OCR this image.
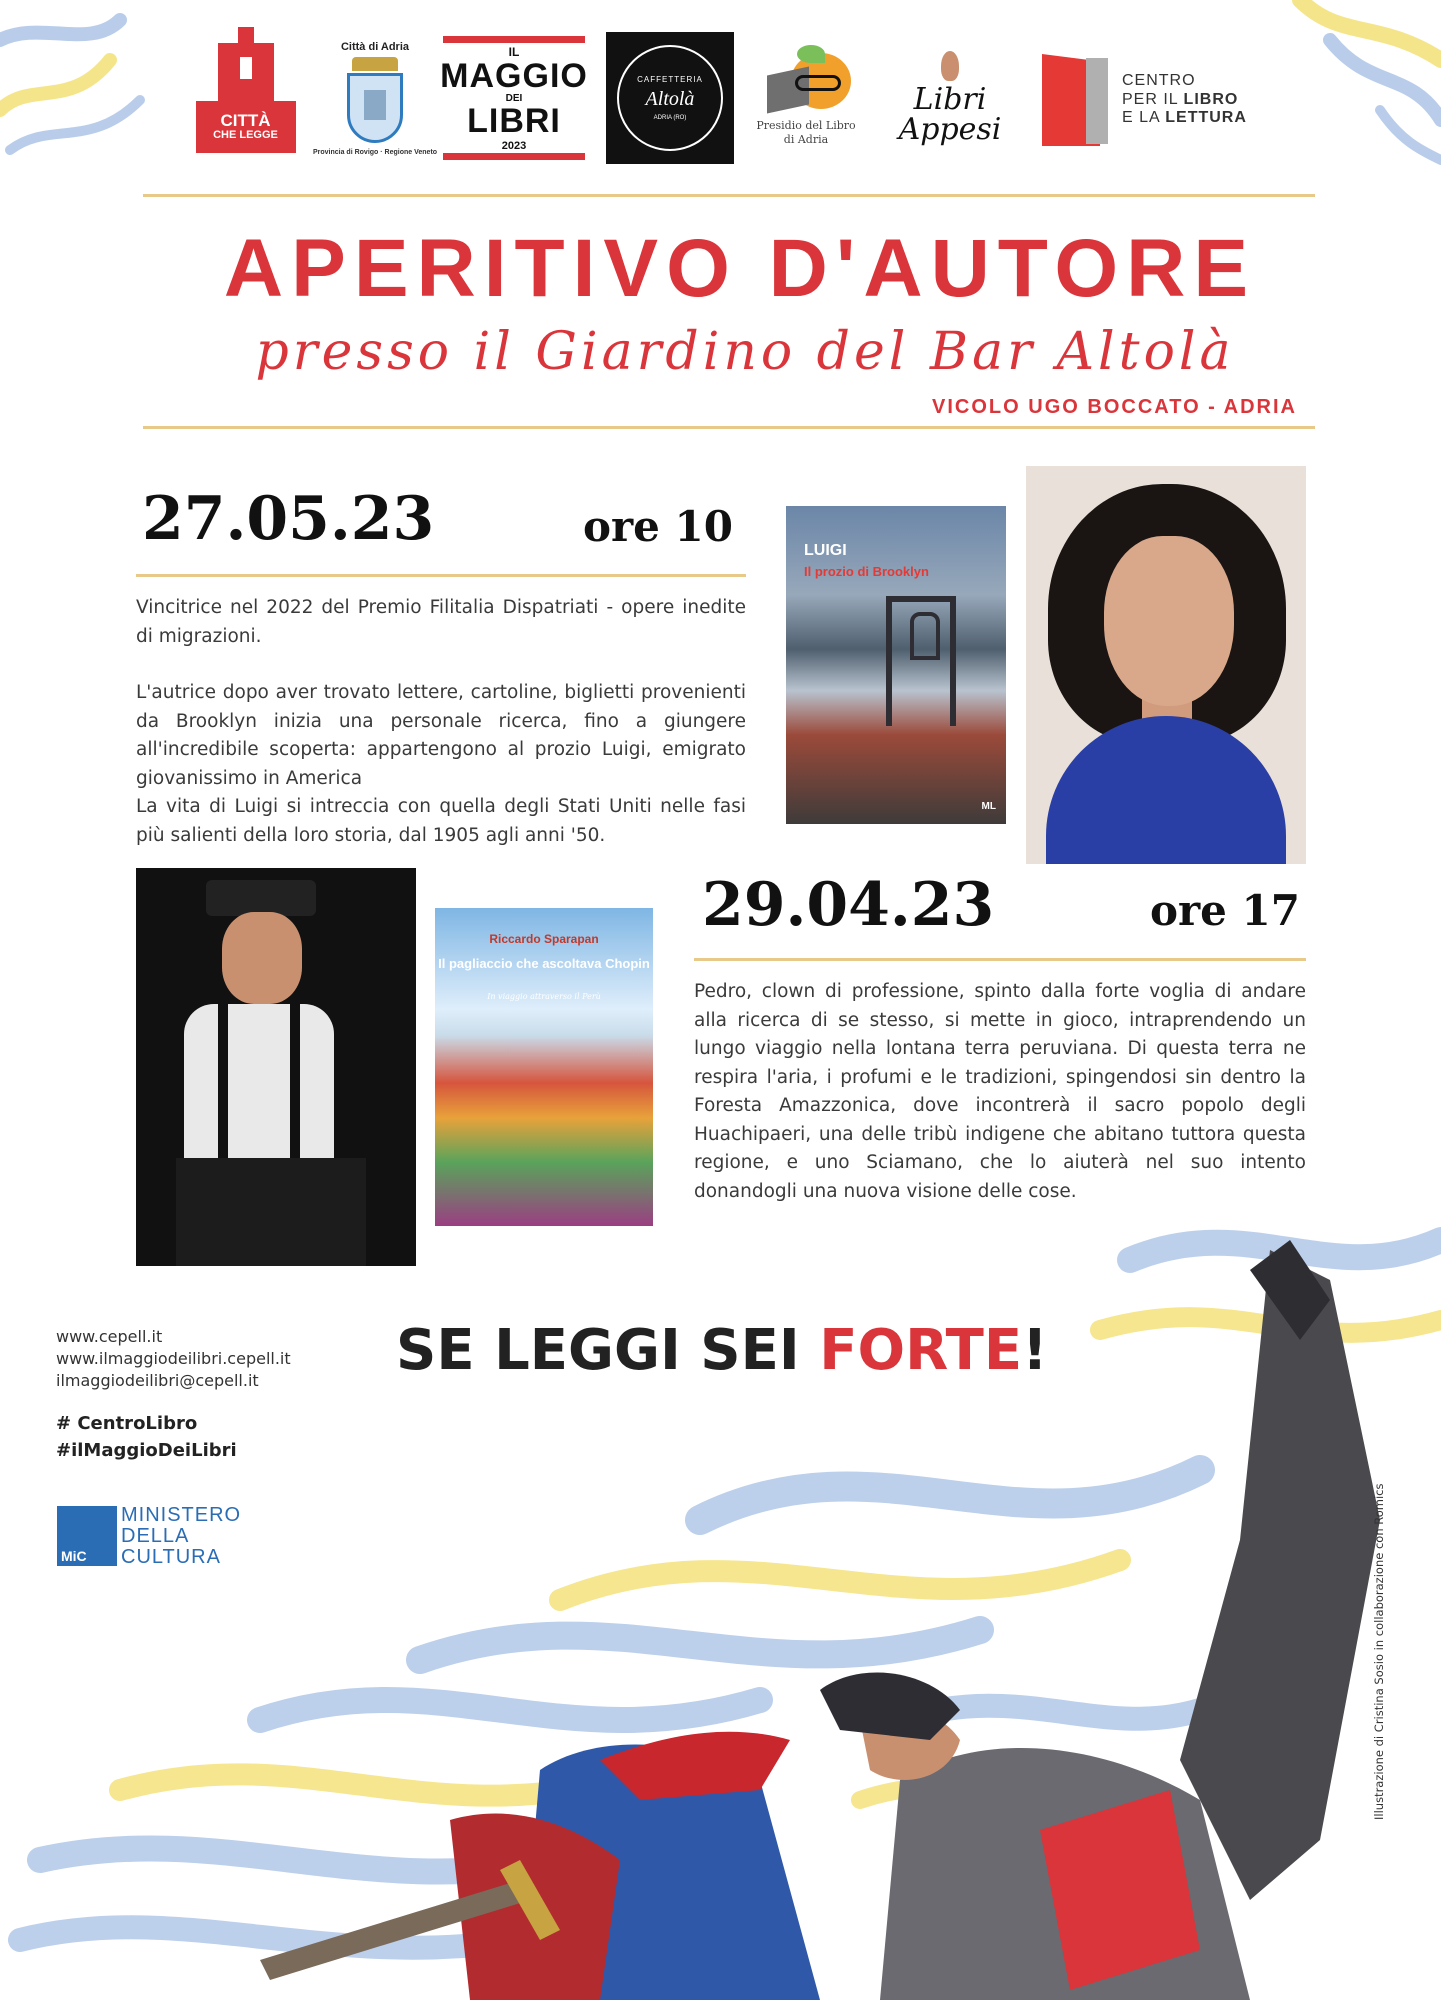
CITTÀ
CHE LEGGE
Città di Adria
Provincia di Rovigo · Regione Veneto
IL
MAGGIO
DEI
LIBRI
2023
CAFFETTERIA
Altolà
ADRIA (RO)
Presidio del Libro
di Adria
Libri
Appesi
CENTRO
PER IL LIBRO
E LA LETTURA
APERITIVO D'AUTORE
presso il Giardino del Bar Altolà
VICOLO UGO BOCCATO - ADRIA
27.05.23	ore 10

Vincitrice nel 2022 del Premio Filitalia Dispatriati - opere inedite di migrazioni.

L'autrice dopo aver trovato lettere, cartoline, biglietti provenienti da Brooklyn inizia una personale ricerca, fino a giungere all'incredibile scoperta: appartengono al prozio Luigi, emigrato giovanissimo in America

La vita di Luigi si intreccia con quella degli Stati Uniti nelle fasi più salienti della loro storia, dal 1905 agli anni '50.

LUIGI
Il prozio di Brooklyn
ML
Riccardo Sparapan
Il pagliaccio che ascoltava Chopin
In viaggio attraverso il Perù
29.04.23	ore 17

Pedro, clown di professione, spinto dalla forte voglia di andare alla ricerca di se stesso, si mette in gioco, intraprendendo un lungo viaggio nella lontana terra peruviana. Di questa terra ne respira l'aria, i profumi e le tradizioni, spingendosi sin dentro la Foresta Amazzonica, dove incontrerà il sacro popolo degli Huachipaeri, una delle tribù indigene che abitano tuttora questa regione, e uno Sciamano, che lo aiuterà nel suo intento donandogli una nuova visione delle cose.

www.cepell.it
www.ilmaggiodeilibri.cepell.it
ilmaggiodeilibri@cepell.it
# CentroLibro
#ilMaggioDeiLibri
SE LEGGI SEI FORTE!
MiC
MINISTERO
DELLA
CULTURA	Illustrazione di Cristina Sosio in collaborazione con Romics
